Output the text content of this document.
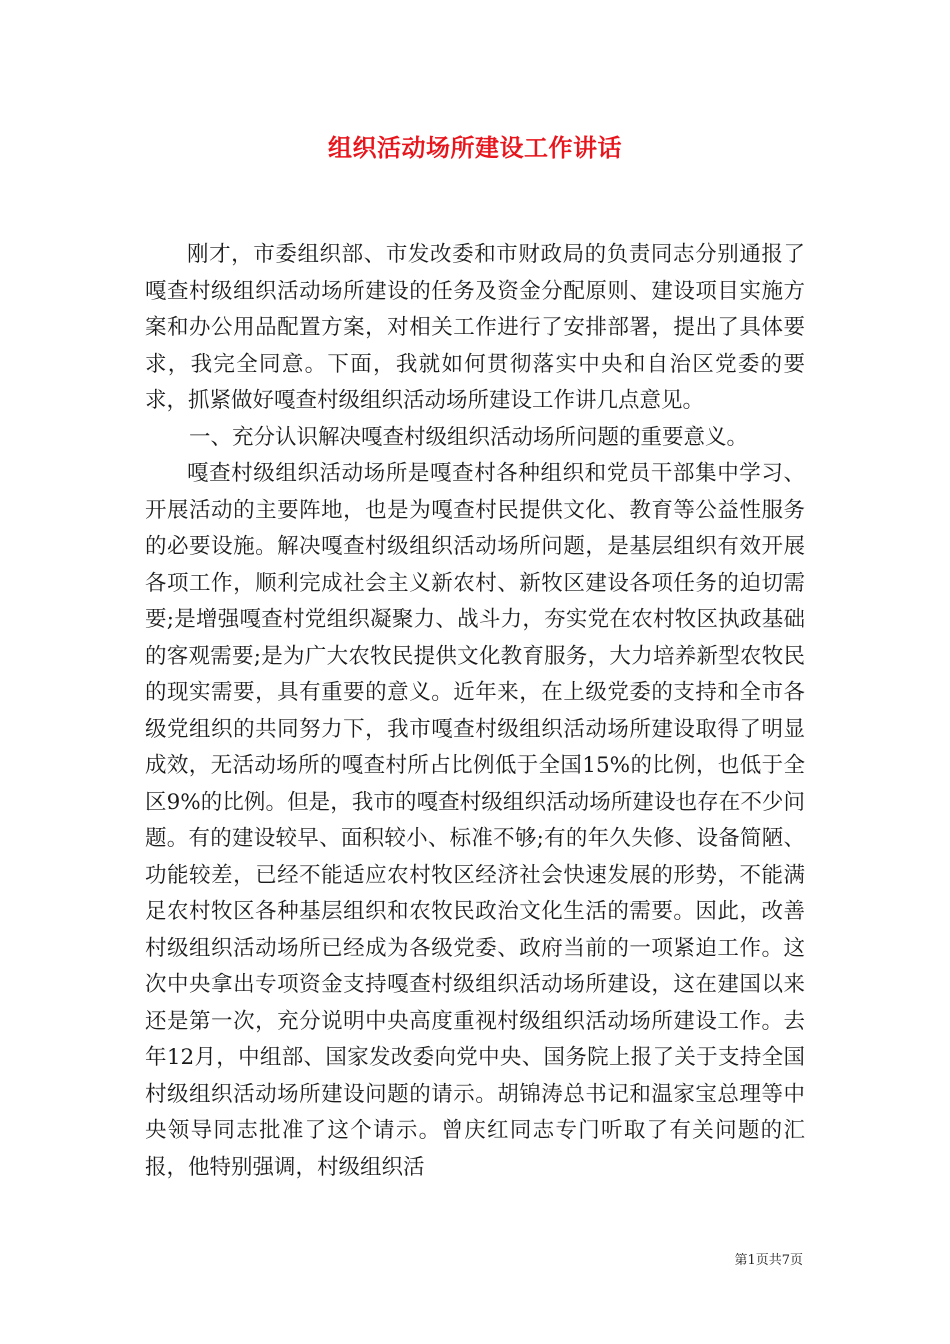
组织活动场所建设工作讲话

刚才，市委组织部、市发改委和市财政局的负责同志分别通报了嘎查村级组织活动场所建设的任务及资金分配原则、建设项目实施方案和办公用品配置方案，对相关工作进行了安排部署，提出了具体要求，我完全同意。下面，我就如何贯彻落实中央和自治区党委的要求，抓紧做好嘎查村级组织活动场所建设工作讲几点意见。

一、充分认识解决嘎查村级组织活动场所问题的重要意义。

嘎查村级组织活动场所是嘎查村各种组织和党员干部集中学习、开展活动的主要阵地，也是为嘎查村民提供文化、教育等公益性服务的必要设施。解决嘎查村级组织活动场所问题，是基层组织有效开展各项工作，顺利完成社会主义新农村、新牧区建设各项任务的迫切需要;是增强嘎查村党组织凝聚力、战斗力，夯实党在农村牧区执政基础的客观需要;是为广大农牧民提供文化教育服务，大力培养新型农牧民的现实需要，具有重要的意义。近年来，在上级党委的支持和全市各级党组织的共同努力下，我市嘎查村级组织活动场所建设取得了明显成效，无活动场所的嘎查村所占比例低于全国15%的比例，也低于全区9%的比例。但是，我市的嘎查村级组织活动场所建设也存在不少问题。有的建设较早、面积较小、标准不够;有的年久失修、设备简陋、功能较差，已经不能适应农村牧区经济社会快速发展的形势，不能满足农村牧区各种基层组织和农牧民政治文化生活的需要。因此，改善村级组织活动场所已经成为各级党委、政府当前的一项紧迫工作。这次中央拿出专项资金支持嘎查村级组织活动场所建设，这在建国以来还是第一次，充分说明中央高度重视村级组织活动场所建设工作。去年12月，中组部、国家发改委向党中央、国务院上报了关于支持全国村级组织活动场所建设问题的请示。胡锦涛总书记和温家宝总理等中央领导同志批准了这个请示。曾庆红同志专门听取了有关问题的汇报，他特别强调，村级组织活

第1页共7页
